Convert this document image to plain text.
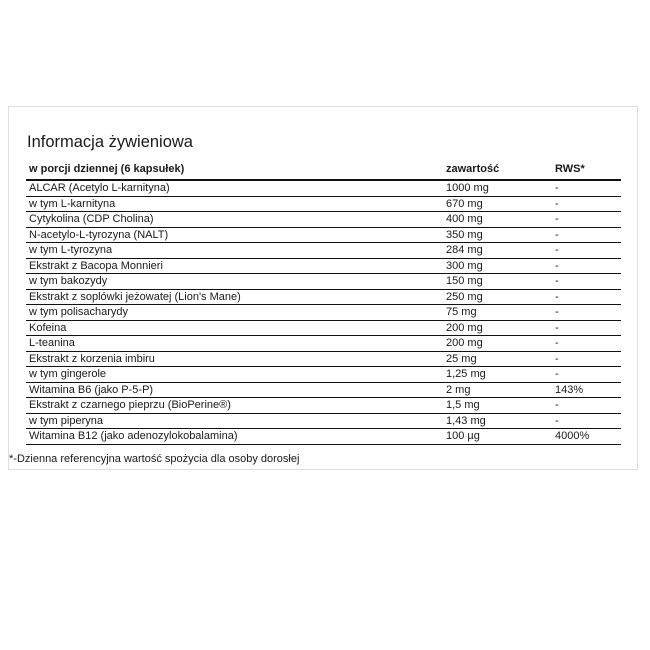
Informacja żywieniowa
w porcji dziennej (6 kapsułek)	zawartość	RWS*
ALCAR (Acetylo L-karnityna)	1000 mg	-
w tym L-karnityna	670 mg	-
Cytykolina (CDP Cholina)	400 mg	-
N-acetylo-L-tyrozyna (NALT)	350 mg	-
w tym L-tyrozyna	284 mg	-
Ekstrakt z Bacopa Monnieri	300 mg	-
w tym bakozydy	150 mg	-
Ekstrakt z soplówki jeżowatej (Lion's Mane)	250 mg	-
w tym polisacharydy	75 mg	-
Kofeina	200 mg	-
L-teanina	200 mg	-
Ekstrakt z korzenia imbiru	25 mg	-
w tym gingerole	1,25 mg	-
Witamina B6 (jako P-5-P)	2 mg	143%
Ekstrakt z czarnego pieprzu (BioPerine®)	1,5 mg	-
w tym piperyna	1,43 mg	-
Witamina B12 (jako adenozylokobalaminа)	100 µg	4000%
*-Dzienna referencyjna wartość spożycia dla osoby dorosłej
